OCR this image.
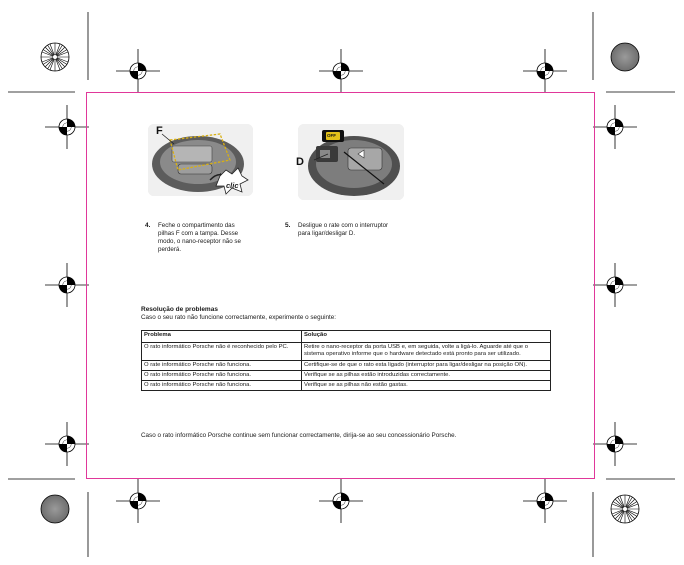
F
clic
D
OFF
4. Feche o compartimento das
pilhas F com a tampa. Desse
modo, o nano-receptor não se
perderá.
5. Desligue o rate com o interruptor
para ligar/desligar D.
Resolução de problemas
Caso o seu rato não funcione correctamente, experimente o seguinte:
Problema	Solução
O rato informático Porsche não é reconhecido pelo PC.	Retire o nano-receptor da porta USB e, em seguida, volte a ligá-lo. Aguarde até que o sistema operativo informe que o hardware detectado está pronto para ser utilizado.
O rate informático Porsche não funciona.	Certifique-se de que o rato esta ligado (interruptor para ligar/desligar na posição ON).
O rato informático Porsche não funciona.	Verifique se as pilhas estão introduzidas correctamente.
O rato informático Porsche não funciona.	Verifique se as pilhas não estão gastas.
Caso o rato informático Porsche continue sem funcionar correctamente, dirija-se ao seu concessionário Porsche.
